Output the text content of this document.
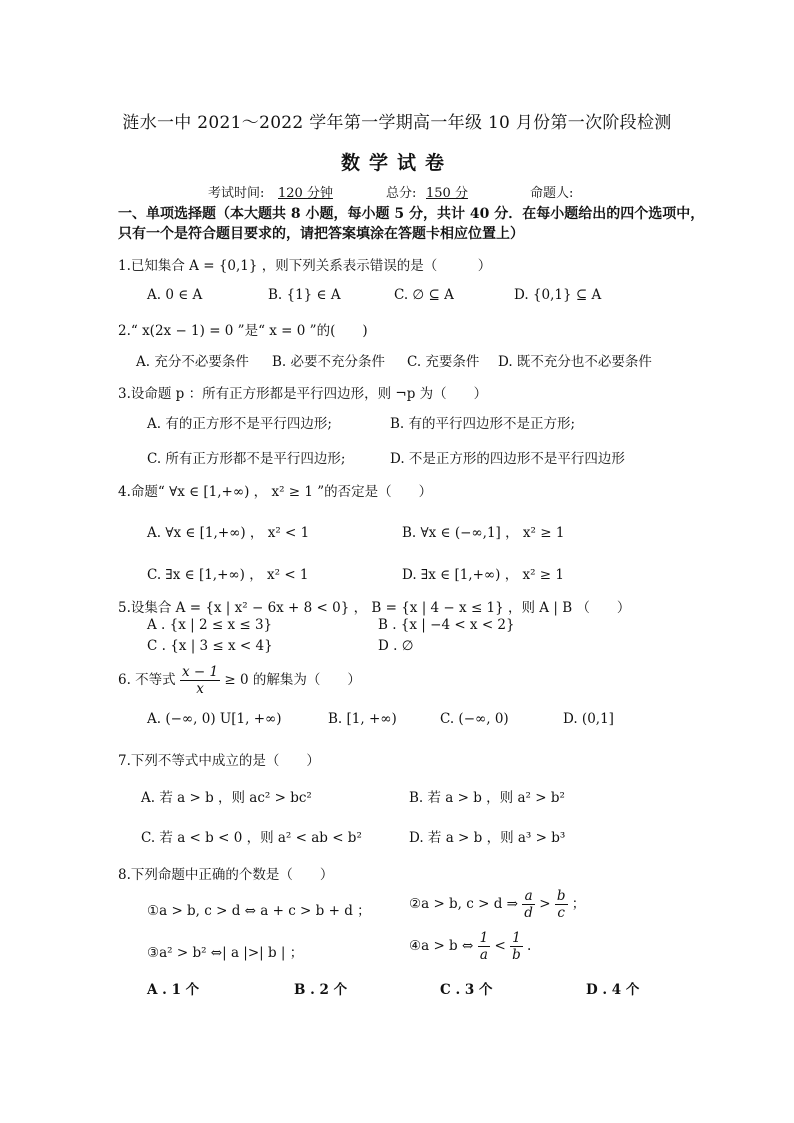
涟水一中 2021～2022 学年第一学期高一年级 10 月份第一次阶段检测
数学试卷
考试时间: 120 分钟	总分: 150 分	命题人:
一、单项选择题（本大题共 8 小题，每小题 5 分，共计 40 分．在每小题给出的四个选项中，
只有一个是符合题目要求的，请把答案填涂在答题卡相应位置上）
1.已知集合 A = {0,1} ，则下列关系表示错误的是（　　　）
A. 0 ∈ A	B. {1} ∈ A	C. ∅ ⊆ A	D. {0,1} ⊆ A
2.“ x(2x − 1) = 0 ”是“ x = 0 ”的(　　)
A. 充分不必要条件 B. 必要不充分条件 C. 充要条件 D. 既不充分也不必要条件
3.设命题 p ：所有正方形都是平行四边形，则 ¬p 为（　　）
A. 有的正方形不是平行四边形;	B. 有的平行四边形不是正方形;
C. 所有正方形都不是平行四边形;	D. 不是正方形的四边形不是平行四边形
4.命题“ ∀x ∈ [1,+∞) ， x² ≥ 1 ”的否定是（　　）
A. ∀x ∈ [1,+∞) ， x² < 1	B. ∀x ∈ (−∞,1] ， x² ≥ 1
C. ∃x ∈ [1,+∞) ， x² < 1	D. ∃x ∈ [1,+∞) ， x² ≥ 1
5.设集合 A = {x | x² − 6x + 8 < 0} ， B = {x | 4 − x ≤ 1} ，则 A | B （　　）
A . {x | 2 ≤ x ≤ 3}	B . {x | −4 < x < 2}
C . {x | 3 ≤ x < 4}	D . ∅
6. 不等式 $\frac{x - 1}{x} \ge 0$ 的解集为（　　）
A. (−∞, 0) U[1, +∞)	B. [1, +∞)	C. (−∞, 0)	D. (0,1]
7.下列不等式中成立的是（　　）
A. 若 a > b ，则 ac² > bc²	B. 若 a > b ，则 a² > b²
C. 若 a < b < 0 ，则 a² < ab < b²	D. 若 a > b ，则 a³ > b³
8.下列命题中正确的个数是（　　）
①a > b, c > d ⇔ a + c > b + d ；	②a > b, c > d ⇒ $\frac{a}{d} > \frac{b}{c}$ ；
③a² > b² ⇔| a |>| b | ；	④a > b ⇔ $\frac{1}{a} < \frac{1}{b}$ .
A . 1 个	B . 2 个	C . 3 个	D . 4 个
